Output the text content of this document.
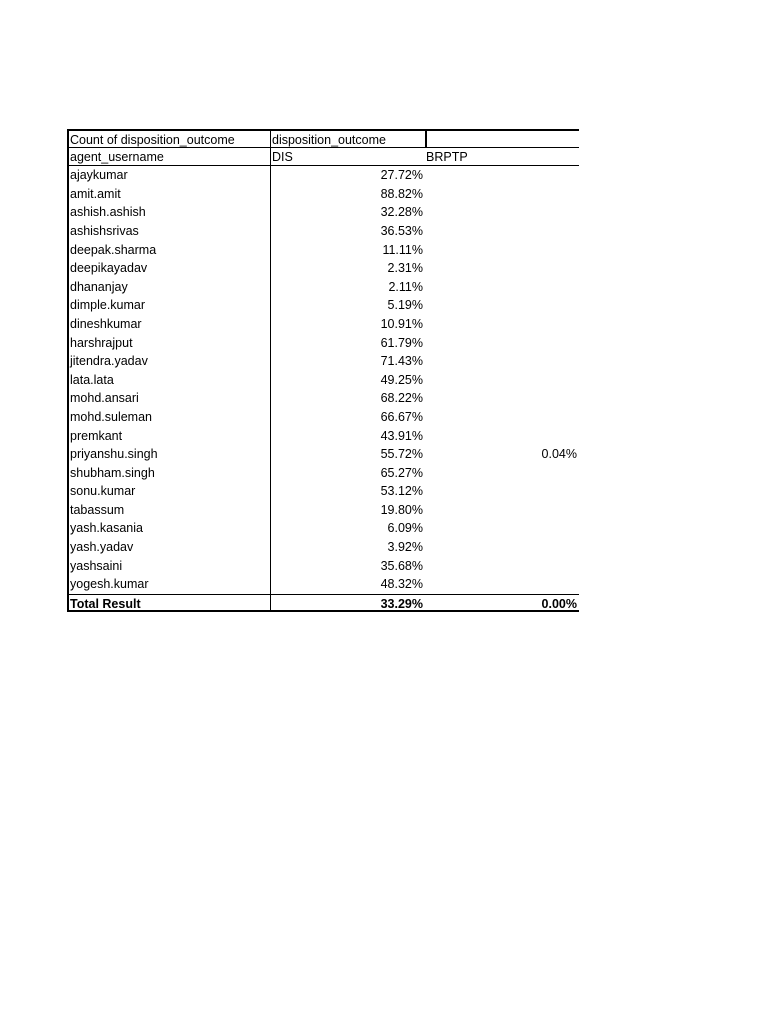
Count of disposition_outcome	disposition_outcome
agent_username	DIS	BRPTP
ajaykumar	27.72%
amit.amit	88.82%
ashish.ashish	32.28%
ashishsrivas	36.53%
deepak.sharma	11.11%
deepikayadav	2.31%
dhananjay	2.11%
dimple.kumar	5.19%
dineshkumar	10.91%
harshrajput	61.79%
jitendra.yadav	71.43%
lata.lata	49.25%
mohd.ansari	68.22%
mohd.suleman	66.67%
premkant	43.91%
priyanshu.singh	55.72%	0.04%
shubham.singh	65.27%
sonu.kumar	53.12%
tabassum	19.80%
yash.kasania	6.09%
yash.yadav	3.92%
yashsaini	35.68%
yogesh.kumar	48.32%
Total Result	33.29%	0.00%
